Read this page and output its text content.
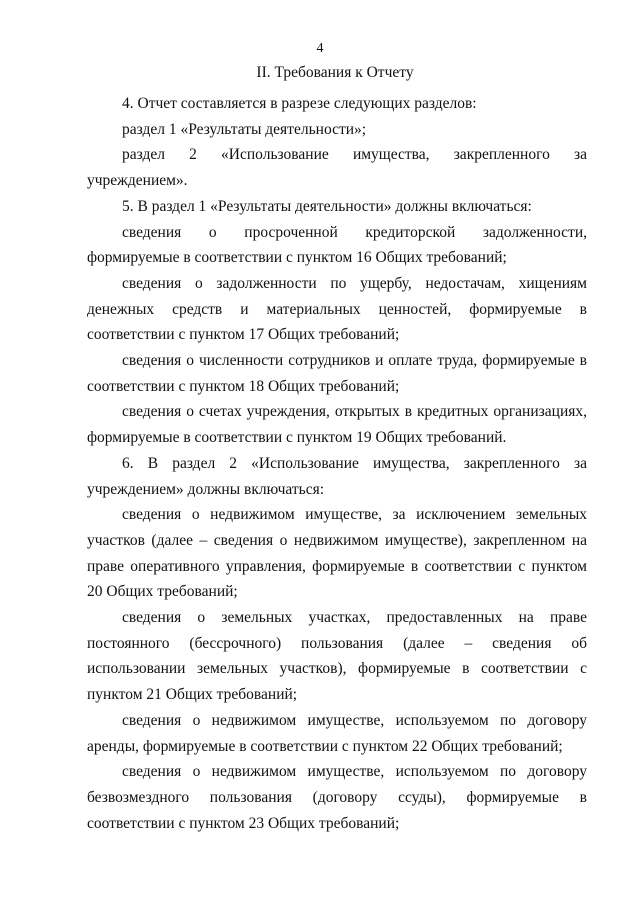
4
II. Требования к Отчету

4. Отчет составляется в разрезе следующих разделов:

раздел 1 «Результаты деятельности»;

раздел 2 «Использование имущества, закрепленного за учреждением».

5. В раздел 1 «Результаты деятельности» должны включаться:

сведения о просроченной кредиторской задолженности, формируемые в соответствии с пунктом 16 Общих требований;

сведения о задолженности по ущербу, недостачам, хищениям денежных средств и материальных ценностей, формируемые в соответствии с пунктом 17 Общих требований;

сведения о численности сотрудников и оплате труда, формируемые в соответствии с пунктом 18 Общих требований;

сведения о счетах учреждения, открытых в кредитных организациях, формируемые в соответствии с пунктом 19 Общих требований.

6. В раздел 2 «Использование имущества, закрепленного за учреждением» должны включаться:

сведения о недвижимом имуществе, за исключением земельных участков (далее – сведения о недвижимом имуществе), закрепленном на праве оперативного управления, формируемые в соответствии с пунктом 20 Общих требований;

сведения о земельных участках, предоставленных на праве постоянного (бессрочного) пользования (далее – сведения об использовании земельных участков), формируемые в соответствии с пунктом 21 Общих требований;

сведения о недвижимом имуществе, используемом по договору аренды, формируемые в соответствии с пунктом 22 Общих требований;

сведения о недвижимом имуществе, используемом по договору безвозмездного пользования (договору ссуды), формируемые в соответствии с пунктом 23 Общих требований;
